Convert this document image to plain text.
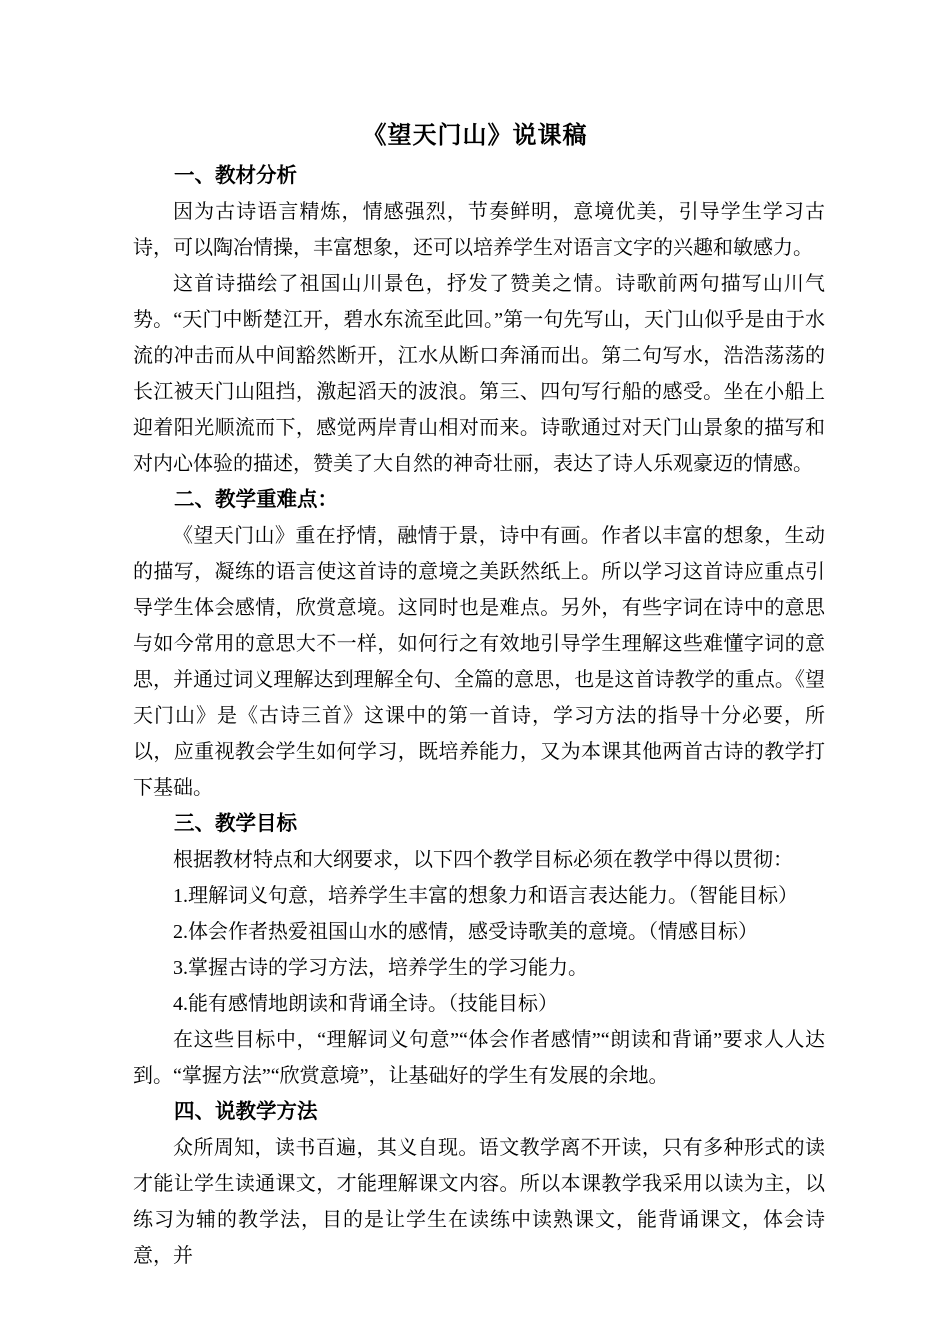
《望天门山》说课稿
一、教材分析

因为古诗语言精炼，情感强烈，节奏鲜明，意境优美，引导学生学习古诗，可以陶冶情操，丰富想象，还可以培养学生对语言文字的兴趣和敏感力。

这首诗描绘了祖国山川景色，抒发了赞美之情。诗歌前两句描写山川气势。“天门中断楚江开，碧水东流至此回。”第一句先写山，天门山似乎是由于水流的冲击而从中间豁然断开，江水从断口奔涌而出。第二句写水，浩浩荡荡的长江被天门山阻挡，激起滔天的波浪。第三、四句写行船的感受。坐在小船上迎着阳光顺流而下，感觉两岸青山相对而来。诗歌通过对天门山景象的描写和对内心体验的描述，赞美了大自然的神奇壮丽，表达了诗人乐观豪迈的情感。

二、教学重难点：

《望天门山》重在抒情，融情于景，诗中有画。作者以丰富的想象，生动的描写，凝练的语言使这首诗的意境之美跃然纸上。所以学习这首诗应重点引导学生体会感情，欣赏意境。这同时也是难点。另外，有些字词在诗中的意思与如今常用的意思大不一样，如何行之有效地引导学生理解这些难懂字词的意思，并通过词义理解达到理解全句、全篇的意思，也是这首诗教学的重点。《望天门山》是《古诗三首》这课中的第一首诗，学习方法的指导十分必要，所以，应重视教会学生如何学习，既培养能力，又为本课其他两首古诗的教学打下基础。

三、教学目标

根据教材特点和大纲要求，以下四个教学目标必须在教学中得以贯彻：

1.理解词义句意，培养学生丰富的想象力和语言表达能力。（智能目标）

2.体会作者热爱祖国山水的感情，感受诗歌美的意境。（情感目标）

3.掌握古诗的学习方法，培养学生的学习能力。

4.能有感情地朗读和背诵全诗。（技能目标）

在这些目标中，“理解词义句意”“体会作者感情”“朗读和背诵”要求人人达到。“掌握方法”“欣赏意境”，让基础好的学生有发展的余地。

四、说教学方法

众所周知，读书百遍，其义自现。语文教学离不开读，只有多种形式的读才能让学生读通课文，才能理解课文内容。所以本课教学我采用以读为主，以练习为辅的教学法，目的是让学生在读练中读熟课文，能背诵课文，体会诗意，并
